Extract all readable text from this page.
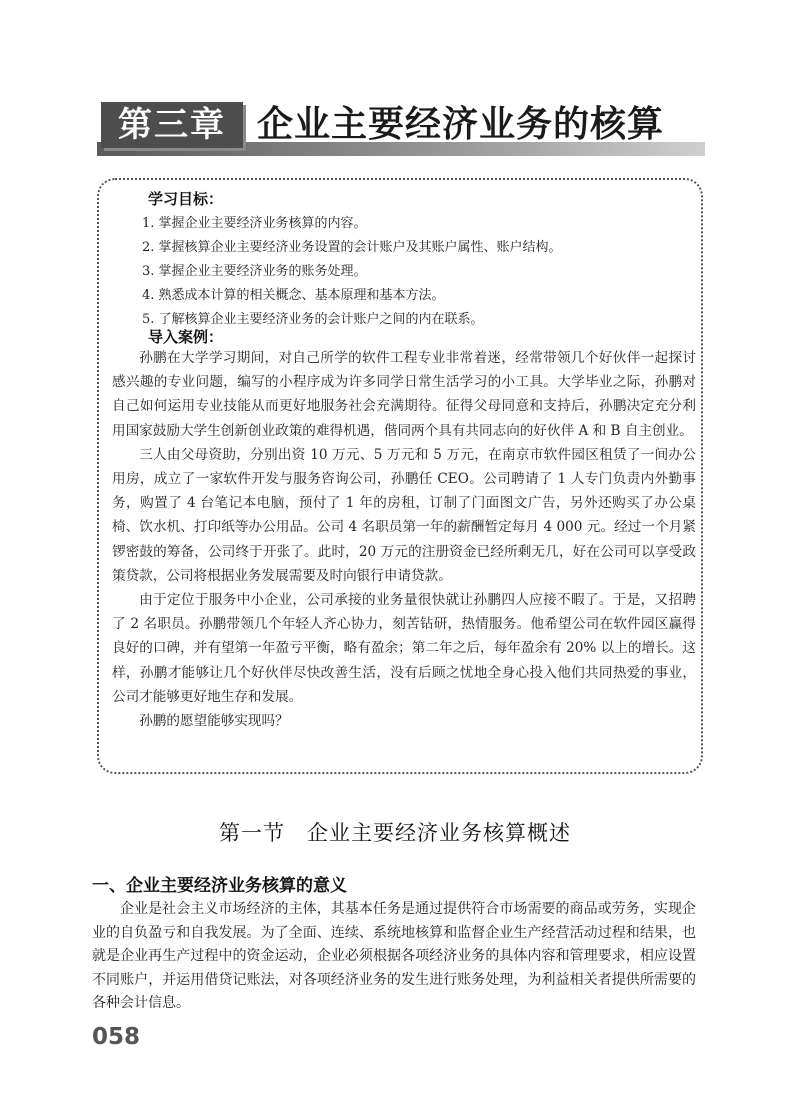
第三章 企业主要经济业务的核算
学习目标：
1. 掌握企业主要经济业务核算的内容。
2. 掌握核算企业主要经济业务设置的会计账户及其账户属性、账户结构。
3. 掌握企业主要经济业务的账务处理。
4. 熟悉成本计算的相关概念、基本原理和基本方法。
5. 了解核算企业主要经济业务的会计账户之间的内在联系。
导入案例：

孙鹏在大学学习期间，对自己所学的软件工程专业非常着迷，经常带领几个好伙伴一起探讨感兴趣的专业问题，编写的小程序成为许多同学日常生活学习的小工具。大学毕业之际，孙鹏对自己如何运用专业技能从而更好地服务社会充满期待。征得父母同意和支持后，孙鹏决定充分利用国家鼓励大学生创新创业政策的难得机遇，偕同两个具有共同志向的好伙伴 A 和 B 自主创业。

三人由父母资助，分别出资 10 万元、5 万元和 5 万元，在南京市软件园区租赁了一间办公用房，成立了一家软件开发与服务咨询公司，孙鹏任 CEO。公司聘请了 1 人专门负责内外勤事务，购置了 4 台笔记本电脑，预付了 1 年的房租，订制了门面图文广告，另外还购买了办公桌椅、饮水机、打印纸等办公用品。公司 4 名职员第一年的薪酬暂定每月 4 000 元。经过一个月紧锣密鼓的筹备，公司终于开张了。此时，20 万元的注册资金已经所剩无几，好在公司可以享受政策贷款，公司将根据业务发展需要及时向银行申请贷款。

由于定位于服务中小企业，公司承接的业务量很快就让孙鹏四人应接不暇了。于是，又招聘了 2 名职员。孙鹏带领几个年轻人齐心协力，刻苦钻研，热情服务。他希望公司在软件园区赢得良好的口碑，并有望第一年盈亏平衡，略有盈余；第二年之后，每年盈余有 20% 以上的增长。这样，孙鹏才能够让几个好伙伴尽快改善生活，没有后顾之忧地全身心投入他们共同热爱的事业，公司才能够更好地生存和发展。

孙鹏的愿望能够实现吗？

第一节　企业主要经济业务核算概述
一、企业主要经济业务核算的意义

企业是社会主义市场经济的主体，其基本任务是通过提供符合市场需要的商品或劳务，实现企业的自负盈亏和自我发展。为了全面、连续、系统地核算和监督企业生产经营活动过程和结果，也就是企业再生产过程中的资金运动，企业必须根据各项经济业务的具体内容和管理要求，相应设置不同账户，并运用借贷记账法，对各项经济业务的发生进行账务处理，为利益相关者提供所需要的各种会计信息。

058
